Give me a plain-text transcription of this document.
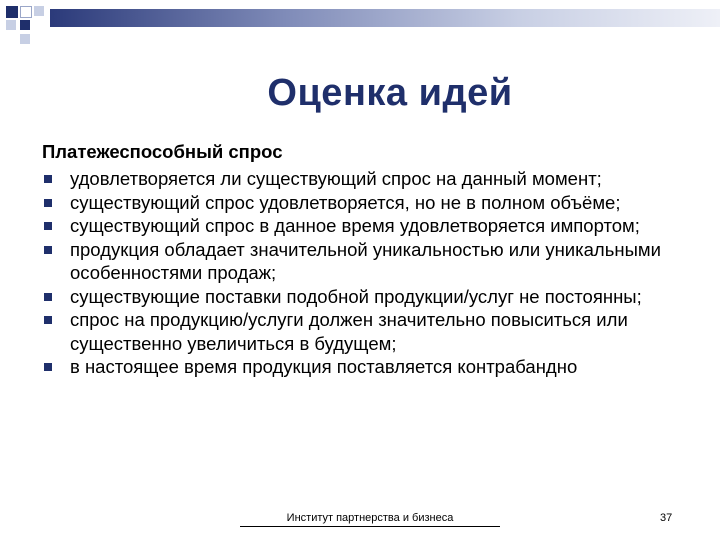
Оценка идей
Платежеспособный спрос
удовлетворяется ли существующий спрос на данный момент;
существующий спрос удовлетворяется, но не в полном объёме;
существующий спрос в данное время удовлетворяется импортом;
продукция обладает значительной уникальностью или уникальными особенностями продаж;
существующие поставки подобной продукции/услуг не постоянны;
спрос на продукцию/услуги должен значительно повыситься или существенно увеличиться в будущем;
в настоящее время продукция поставляется контрабандно
Институт партнерства и бизнеса	37
